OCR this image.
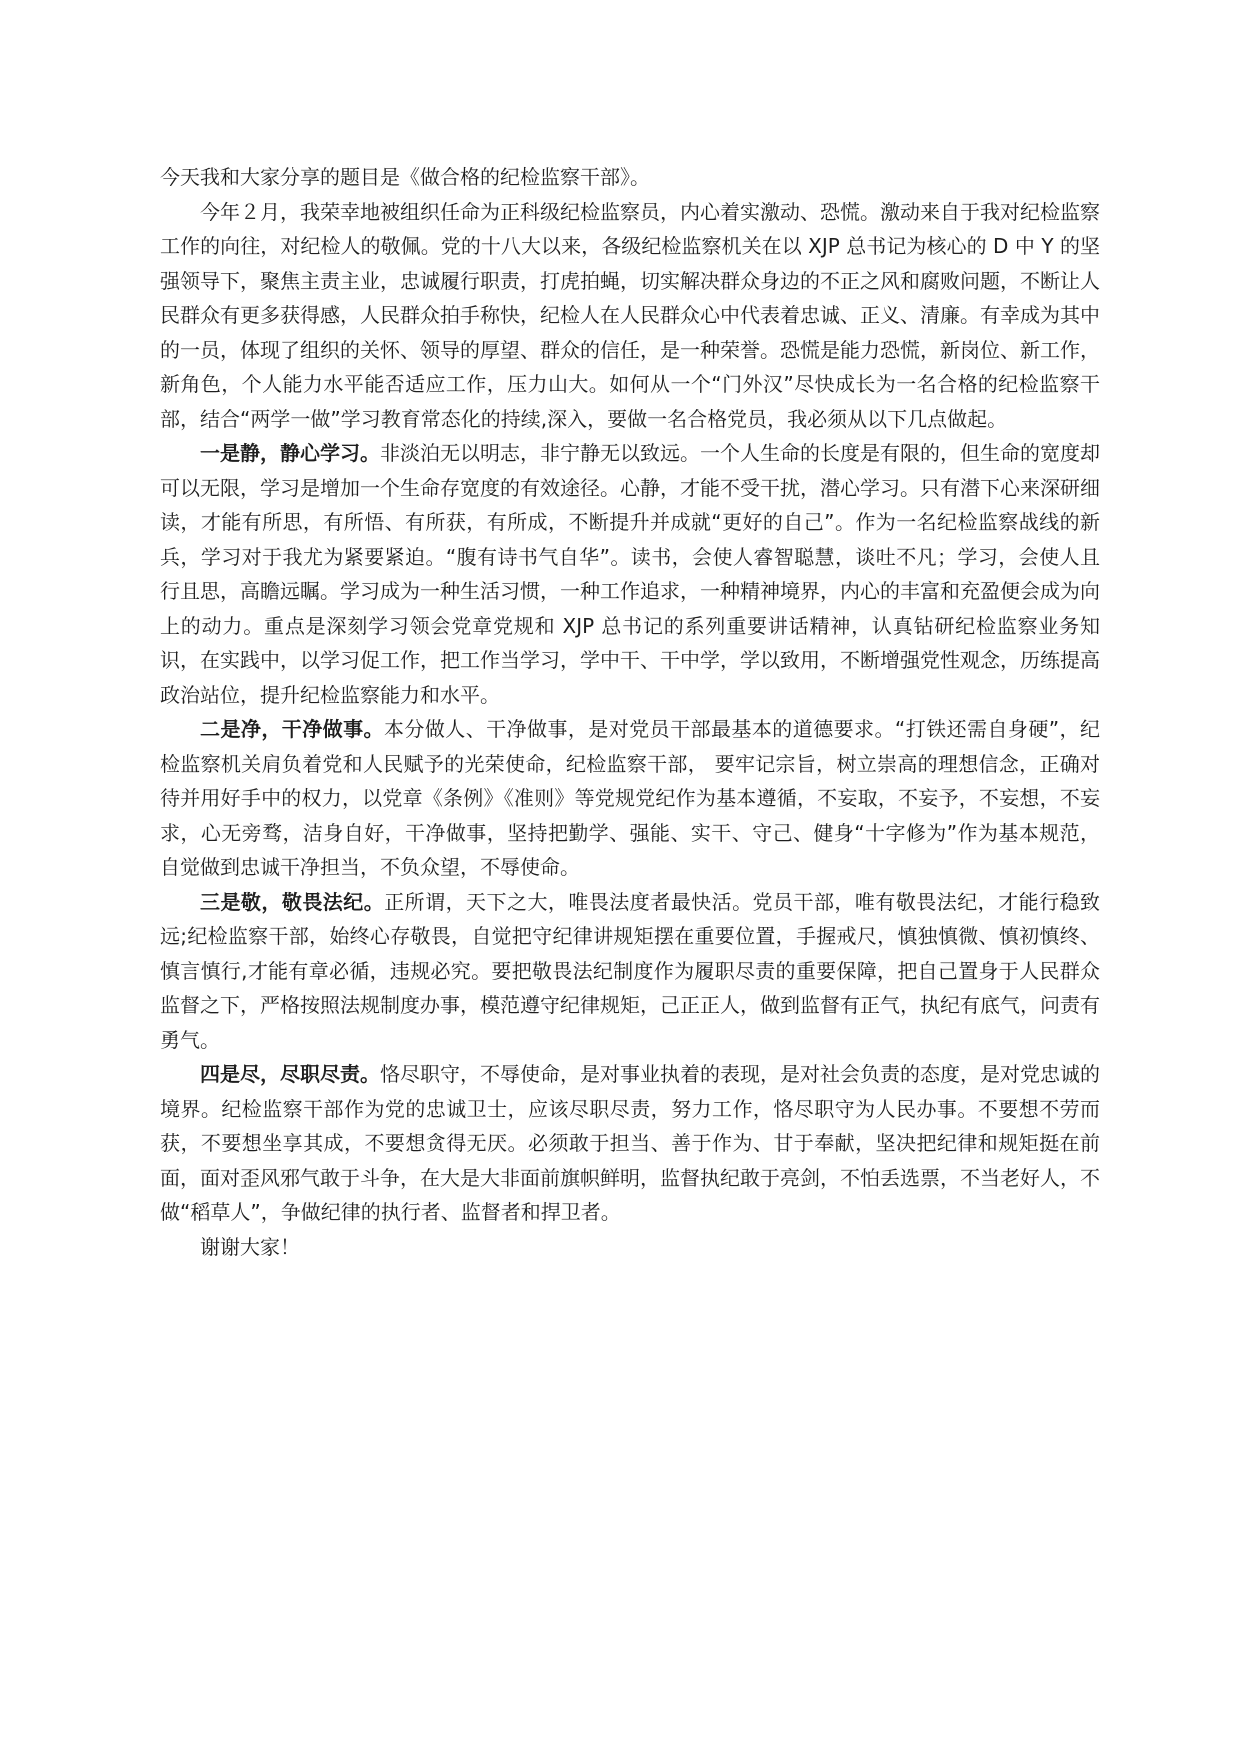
今天我和大家分享的题目是《做合格的纪检监察干部》。

今年２月，我荣幸地被组织任命为正科级纪检监察员，内心着实激动、恐慌。激动来自于我对纪检监察工作的向往，对纪检人的敬佩。党的十八大以来，各级纪检监察机关在以 XJP 总书记为核心的 D 中 Y 的坚强领导下，聚焦主责主业，忠诚履行职责，打虎拍蝇，切实解决群众身边的不正之风和腐败问题，不断让人民群众有更多获得感，人民群众拍手称快，纪检人在人民群众心中代表着忠诚、正义、清廉。有幸成为其中的一员，体现了组织的关怀、领导的厚望、群众的信任，是一种荣誉。恐慌是能力恐慌，新岗位、新工作，新角色，个人能力水平能否适应工作，压力山大。如何从一个“门外汉”尽快成长为一名合格的纪检监察干部，结合“两学一做”学习教育常态化的持续,深入，要做一名合格党员，我必须从以下几点做起。

一是静，静心学习。非淡泊无以明志，非宁静无以致远。一个人生命的长度是有限的，但生命的宽度却可以无限，学习是增加一个生命存宽度的有效途径。心静，才能不受干扰，潜心学习。只有潜下心来深研细读，才能有所思，有所悟、有所获，有所成，不断提升并成就“更好的自己”。作为一名纪检监察战线的新兵，学习对于我尤为紧要紧迫。“腹有诗书气自华”。读书，会使人睿智聪慧，谈吐不凡；学习，会使人且行且思，高瞻远瞩。学习成为一种生活习惯，一种工作追求，一种精神境界，内心的丰富和充盈便会成为向上的动力。重点是深刻学习领会党章党规和 XJP 总书记的系列重要讲话精神，认真钻研纪检监察业务知识，在实践中，以学习促工作，把工作当学习，学中干、干中学，学以致用，不断增强党性观念，历练提高政治站位，提升纪检监察能力和水平。

二是净，干净做事。本分做人、干净做事，是对党员干部最基本的道德要求。“打铁还需自身硬”，纪检监察机关肩负着党和人民赋予的光荣使命，纪检监察干部， 要牢记宗旨，树立崇高的理想信念，正确对待并用好手中的权力，以党章《条例》《准则》等党规党纪作为基本遵循，不妄取，不妄予，不妄想，不妄求，心无旁骛，洁身自好，干净做事，坚持把勤学、强能、实干、守己、健身“十字修为”作为基本规范，自觉做到忠诚干净担当，不负众望，不辱使命。

三是敬，敬畏法纪。正所谓，天下之大，唯畏法度者最快活。党员干部，唯有敬畏法纪，才能行稳致远;纪检监察干部，始终心存敬畏，自觉把守纪律讲规矩摆在重要位置，手握戒尺，慎独慎微、慎初慎终、慎言慎行,才能有章必循，违规必究。要把敬畏法纪制度作为履职尽责的重要保障，把自己置身于人民群众监督之下，严格按照法规制度办事，模范遵守纪律规矩，己正正人，做到监督有正气，执纪有底气，问责有勇气。

四是尽，尽职尽责。恪尽职守，不辱使命，是对事业执着的表现，是对社会负责的态度，是对党忠诚的境界。纪检监察干部作为党的忠诚卫士，应该尽职尽责，努力工作，恪尽职守为人民办事。不要想不劳而获，不要想坐享其成，不要想贪得无厌。必须敢于担当、善于作为、甘于奉献，坚决把纪律和规矩挺在前面，面对歪风邪气敢于斗争，在大是大非面前旗帜鲜明，监督执纪敢于亮剑，不怕丢选票，不当老好人，不做“稻草人”，争做纪律的执行者、监督者和捍卫者。

谢谢大家！
